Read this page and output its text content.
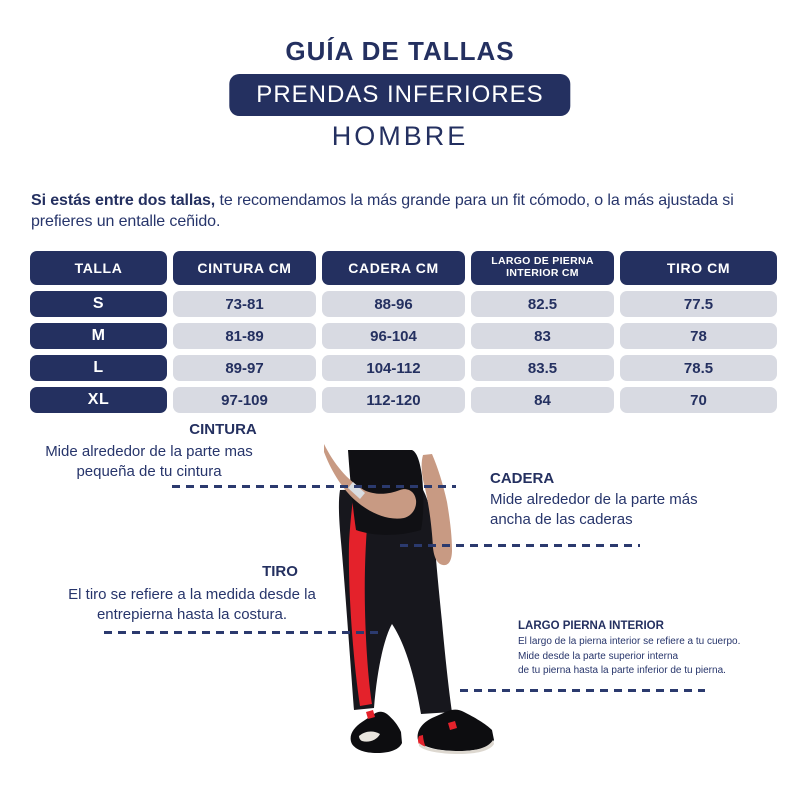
GUÍA DE TALLAS
PRENDAS INFERIORES
HOMBRE

Si estás entre dos tallas, te recomendamos la más grande para un fit cómodo, o la más ajustada si prefieres un entalle ceñido.

TALLA	CINTURA CM	CADERA CM	LARGO DE PIERNA INTERIOR CM	TIRO CM
S	73-81	88-96	82.5	77.5
M	81-89	96-104	83	78
L	89-97	104-112	83.5	78.5
XL	97-109	112-120	84	70
CINTURA
Mide alrededor de la parte mas pequeña de tu cintura	CADERA
Mide alrededor de la parte más ancha de las caderas
TIRO
El tiro se refiere a la medida desde la entrepierna hasta la costura.
LARGO PIERNA INTERIOR
El largo de la pierna interior se refiere a tu cuerpo.
Mide desde la parte superior interna
de tu pierna hasta la parte inferior de tu pierna.
